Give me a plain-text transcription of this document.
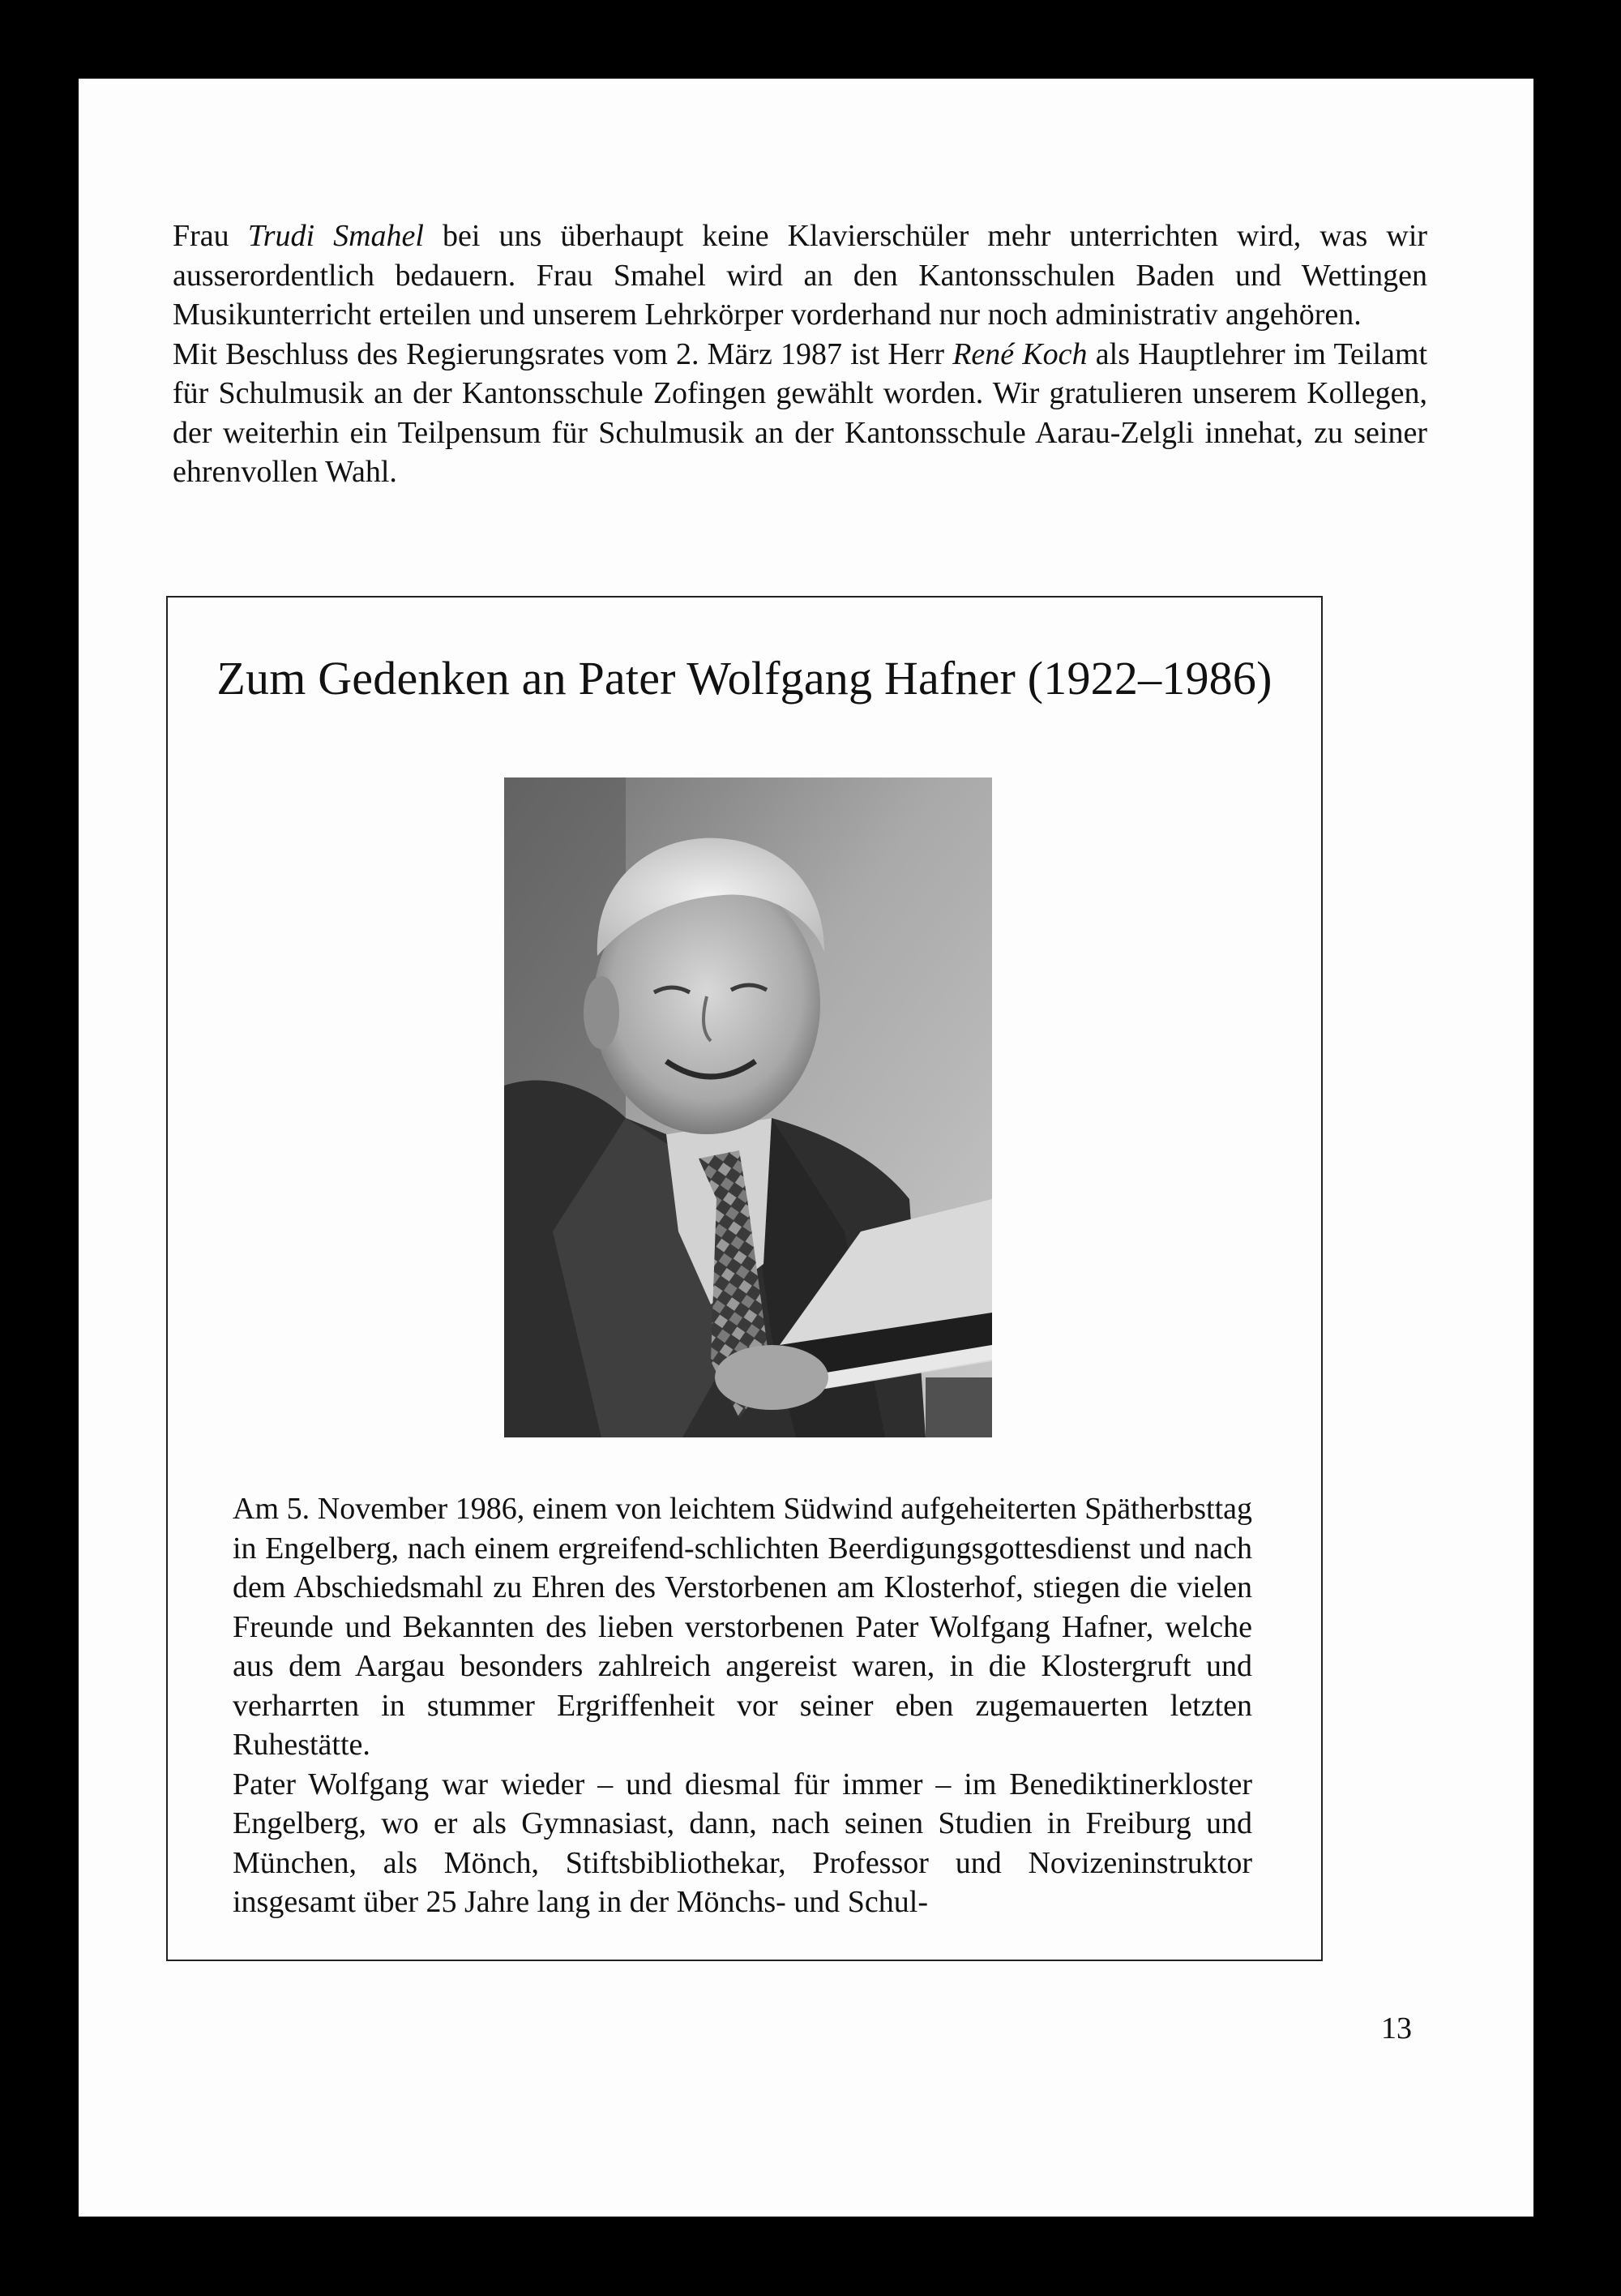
Frau Trudi Smahel bei uns überhaupt keine Klavierschüler mehr unterrichten wird, was wir ausserordentlich bedauern. Frau Smahel wird an den Kantonsschulen Baden und Wettingen Musikunterricht erteilen und unserem Lehrkörper vorderhand nur noch administrativ angehören.

Mit Beschluss des Regierungsrates vom 2. März 1987 ist Herr René Koch als Hauptlehrer im Teilamt für Schulmusik an der Kantonsschule Zofingen gewählt worden. Wir gratulieren unserem Kollegen, der weiterhin ein Teilpensum für Schulmusik an der Kantonsschule Aarau-Zelgli innehat, zu seiner ehrenvollen Wahl.

Zum Gedenken an Pater Wolfgang Hafner (1922–1986)

Am 5. November 1986, einem von leichtem Südwind aufgeheiterten Spätherbsttag in Engelberg, nach einem ergreifend-schlichten Beerdigungsgottesdienst und nach dem Abschiedsmahl zu Ehren des Verstorbenen am Klosterhof, stiegen die vielen Freunde und Bekannten des lieben verstorbenen Pater Wolfgang Hafner, welche aus dem Aargau besonders zahlreich angereist waren, in die Klostergruft und verharrten in stummer Ergriffenheit vor seiner eben zugemauerten letzten Ruhestätte.

Pater Wolfgang war wieder – und diesmal für immer – im Benediktinerkloster Engelberg, wo er als Gymnasiast, dann, nach seinen Studien in Freiburg und München, als Mönch, Stiftsbibliothekar, Professor und Novizeninstruktor insgesamt über 25 Jahre lang in der Mönchs- und Schul-

13
